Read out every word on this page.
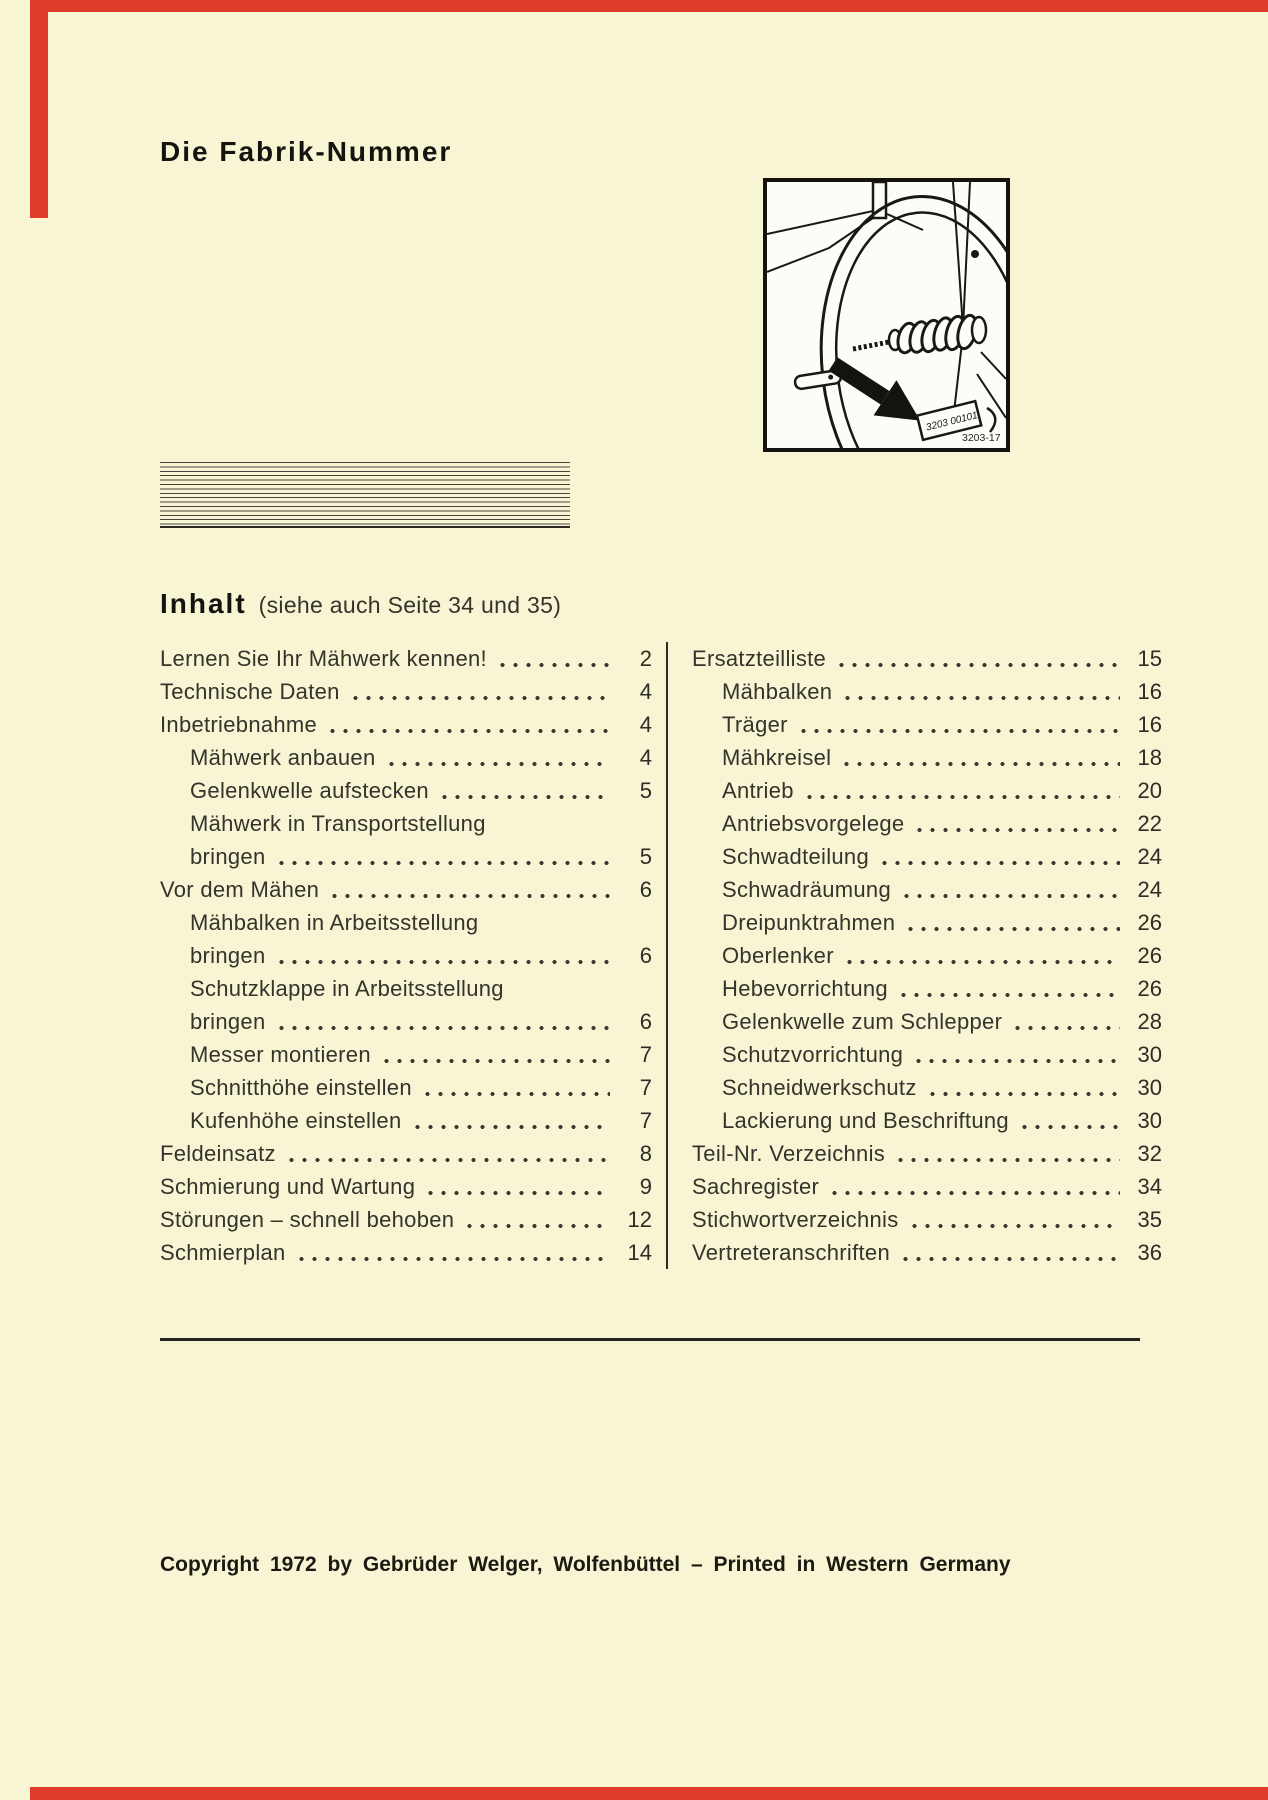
Die Fabrik-Nummer
3203 00101
3203-17
Inhalt (siehe auch Seite 34 und 35)
Lernen Sie Ihr Mähwerk kennen!	2
Technische Daten	4
Inbetriebnahme	4
Mähwerk anbauen	4
Gelenkwelle aufstecken	5
Mähwerk in Transportstellung
bringen	5
Vor dem Mähen	6
Mähbalken in Arbeitsstellung
bringen	6
Schutzklappe in Arbeitsstellung
bringen	6
Messer montieren	7
Schnitthöhe einstellen	7
Kufenhöhe einstellen	7
Feldeinsatz	8
Schmierung und Wartung	9
Störungen – schnell behoben	12
Schmierplan	14
Ersatzteilliste	15
Mähbalken	16
Träger	16
Mähkreisel	18
Antrieb	20
Antriebsvorgelege	22
Schwadteilung	24
Schwadräumung	24
Dreipunktrahmen	26
Oberlenker	26
Hebevorrichtung	26
Gelenkwelle zum Schlepper	28
Schutzvorrichtung	30
Schneidwerkschutz	30
Lackierung und Beschriftung	30
Teil-Nr. Verzeichnis	32
Sachregister	34
Stichwortverzeichnis	35
Vertreteranschriften	36
Copyright 1972 by Gebrüder Welger, Wolfenbüttel – Printed in Western Germany
